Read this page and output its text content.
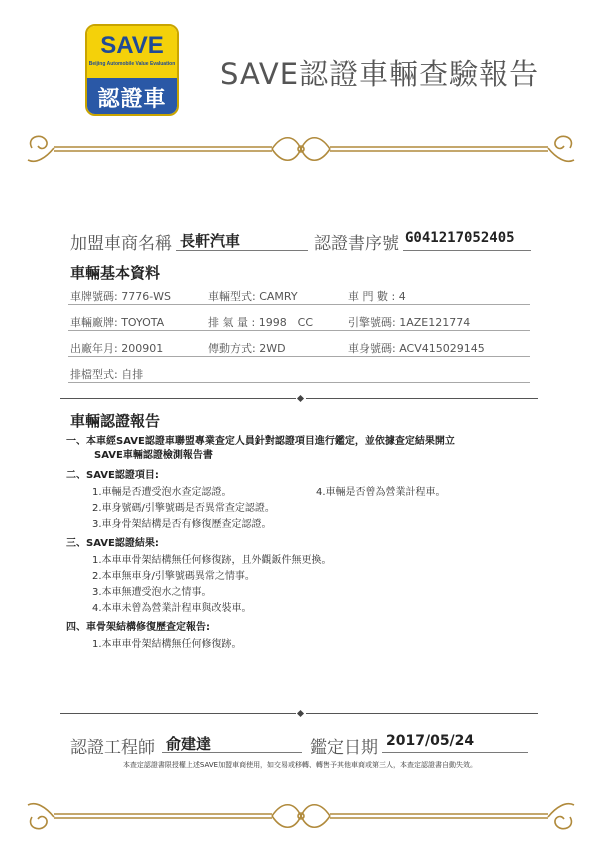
SAVE
Beijing Automobile Value Evaluation
認證車
SAVE認證車輛查驗報告
加盟車商名稱 長軒汽車	認證書序號 G041217052405
車輛基本資料
車牌號碼: 7776-WS	車輛型式: CAMRY	車 門 數 : 4
車輛廠牌: TOYOTA	排 氣 量 : 1998　CC	引擎號碼: 1AZE121774
出廠年月: 200901	傳動方式: 2WD	車身號碼: ACV415029145
排檔型式: 自排
車輛認證報告
一、本車經SAVE認證車聯盟專業查定人員針對認證項目進行鑑定，並依據查定結果開立
SAVE車輛認證檢測報告書
二、SAVE認證項目:
1.車輛是否遭受泡水查定認證。	4.車輛是否曾為營業計程車。
2.車身號碼/引擎號碼是否異常查定認證。
3.車身骨架結構是否有修復歷查定認證。
三、SAVE認證結果:
1.本車車骨架結構無任何修復跡，且外觀鈑件無更換。
2.本車無車身/引擎號碼異常之情事。
3.本車無遭受泡水之情事。
4.本車未曾為營業計程車與改裝車。
四、車骨架結構修復歷查定報告:
1.本車車骨架結構無任何修復跡。
認證工程師 俞建達	鑑定日期 2017/05/24
本查定認證書限授權上述SAVE加盟車商使用，如交易或移轉、轉售予其他車商或第三人，本查定認證書自動失效。
